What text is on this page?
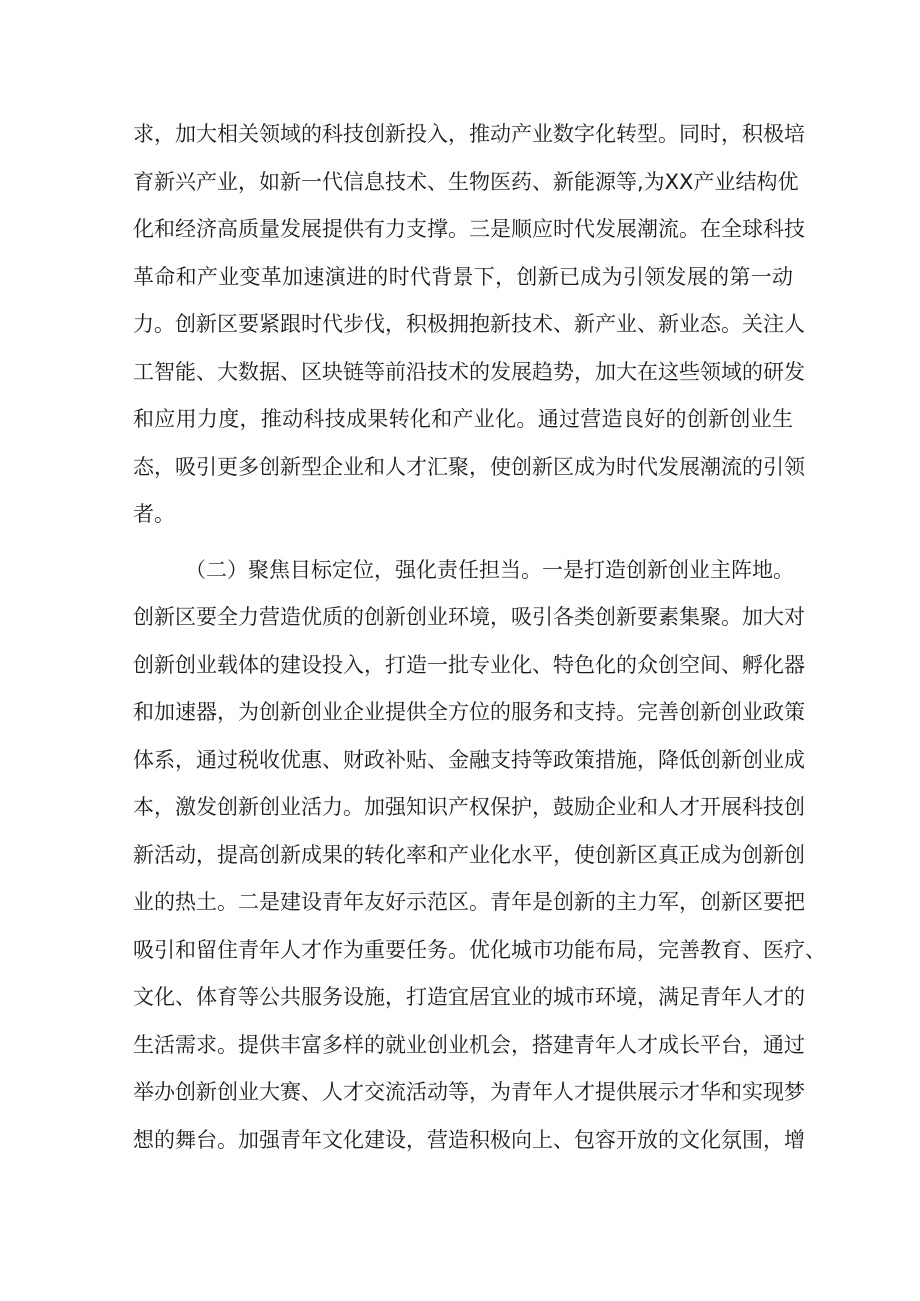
求，加大相关领域的科技创新投入，推动产业数字化转型。同时，积极培
育新兴产业，如新一代信息技术、生物医药、新能源等,为XX产业结构优
化和经济高质量发展提供有力支撑。三是顺应时代发展潮流。在全球科技
革命和产业变革加速演进的时代背景下，创新已成为引领发展的第一动
力。创新区要紧跟时代步伐，积极拥抱新技术、新产业、新业态。关注人
工智能、大数据、区块链等前沿技术的发展趋势，加大在这些领域的研发
和应用力度，推动科技成果转化和产业化。通过营造良好的创新创业生
态，吸引更多创新型企业和人才汇聚，使创新区成为时代发展潮流的引领
者。
（二）聚焦目标定位，强化责任担当。一是打造创新创业主阵地。
创新区要全力营造优质的创新创业环境，吸引各类创新要素集聚。加大对
创新创业载体的建设投入，打造一批专业化、特色化的众创空间、孵化器
和加速器，为创新创业企业提供全方位的服务和支持。完善创新创业政策
体系，通过税收优惠、财政补贴、金融支持等政策措施，降低创新创业成
本，激发创新创业活力。加强知识产权保护，鼓励企业和人才开展科技创
新活动，提高创新成果的转化率和产业化水平，使创新区真正成为创新创
业的热土。二是建设青年友好示范区。青年是创新的主力军，创新区要把
吸引和留住青年人才作为重要任务。优化城市功能布局，完善教育、医疗、
文化、体育等公共服务设施，打造宜居宜业的城市环境，满足青年人才的
生活需求。提供丰富多样的就业创业机会，搭建青年人才成长平台，通过
举办创新创业大赛、人才交流活动等，为青年人才提供展示才华和实现梦
想的舞台。加强青年文化建设，营造积极向上、包容开放的文化氛围，增
